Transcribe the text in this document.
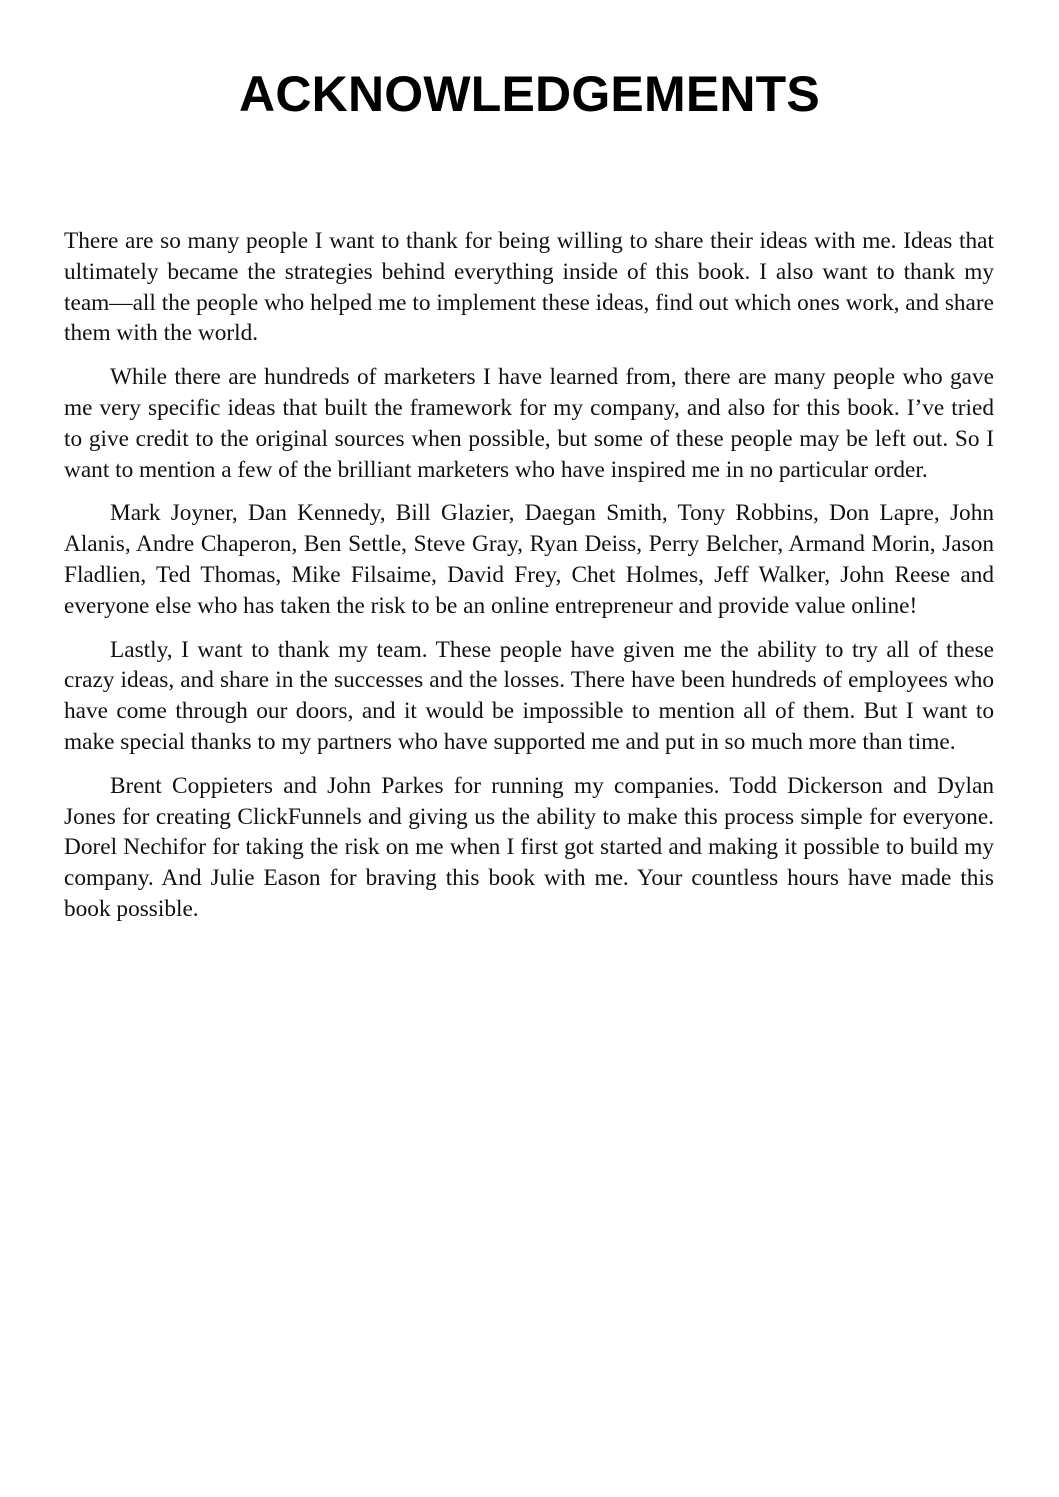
ACKNOWLEDGEMENTS

There are so many people I want to thank for being willing to share their ideas with me. Ideas that ultimately became the strategies behind everything inside of this book. I also want to thank my team—all the people who helped me to implement these ideas, find out which ones work, and share them with the world.

While there are hundreds of marketers I have learned from, there are many people who gave me very specific ideas that built the framework for my company, and also for this book. I’ve tried to give credit to the original sources when possible, but some of these people may be left out. So I want to mention a few of the brilliant marketers who have inspired me in no particular order.

Mark Joyner, Dan Kennedy, Bill Glazier, Daegan Smith, Tony Robbins, Don Lapre, John Alanis, Andre Chaperon, Ben Settle, Steve Gray, Ryan Deiss, Perry Belcher, Armand Morin, Jason Fladlien, Ted Thomas, Mike Filsaime, David Frey, Chet Holmes, Jeff Walker, John Reese and everyone else who has taken the risk to be an online entrepreneur and provide value online!

Lastly, I want to thank my team. These people have given me the ability to try all of these crazy ideas, and share in the successes and the losses. There have been hundreds of employees who have come through our doors, and it would be impossible to mention all of them. But I want to make special thanks to my partners who have supported me and put in so much more than time.

Brent Coppieters and John Parkes for running my companies. Todd Dickerson and Dylan Jones for creating ClickFunnels and giving us the ability to make this process simple for everyone. Dorel Nechifor for taking the risk on me when I first got started and making it possible to build my company. And Julie Eason for braving this book with me. Your countless hours have made this book possible.
